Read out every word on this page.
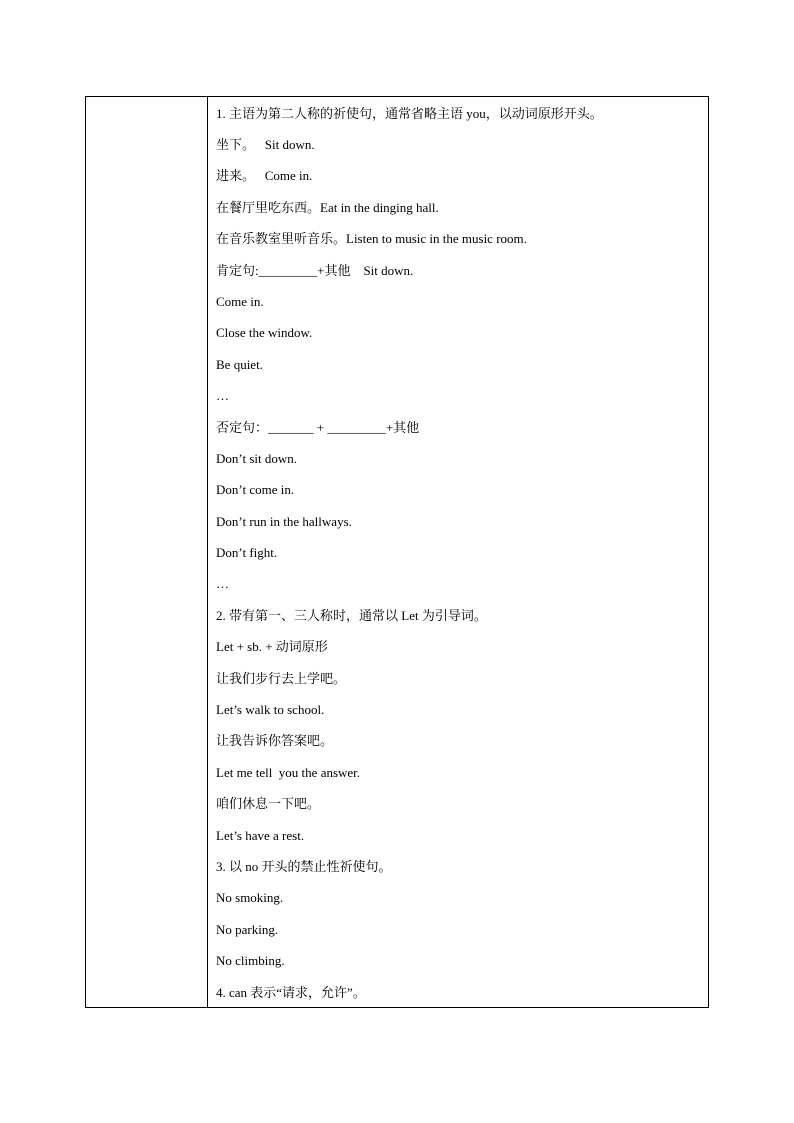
1. 主语为第二人称的祈使句，通常省略主语 you，以动词原形开头。
坐下。   Sit down.
进来。   Come in.
在餐厅里吃东西。Eat in the dinging hall.
在音乐教室里听音乐。Listen to music in the music room.
肯定句:_________+其他    Sit down.
Come in.
Close the window.
Be quiet.
…
否定句：_______ + _________+其他
Don’t sit down.
Don’t come in.
Don’t run in the hallways.
Don’t fight.
…
2. 带有第一、三人称时，通常以 Let 为引导词。
Let + sb. + 动词原形
让我们步行去上学吧。
Let’s walk to school.
让我告诉你答案吧。
Let me tell  you the answer.
咱们休息一下吧。
Let’s have a rest.
3. 以 no 开头的禁止性祈使句。
No smoking.
No parking.
No climbing.
4. can 表示“请求，允许”。
